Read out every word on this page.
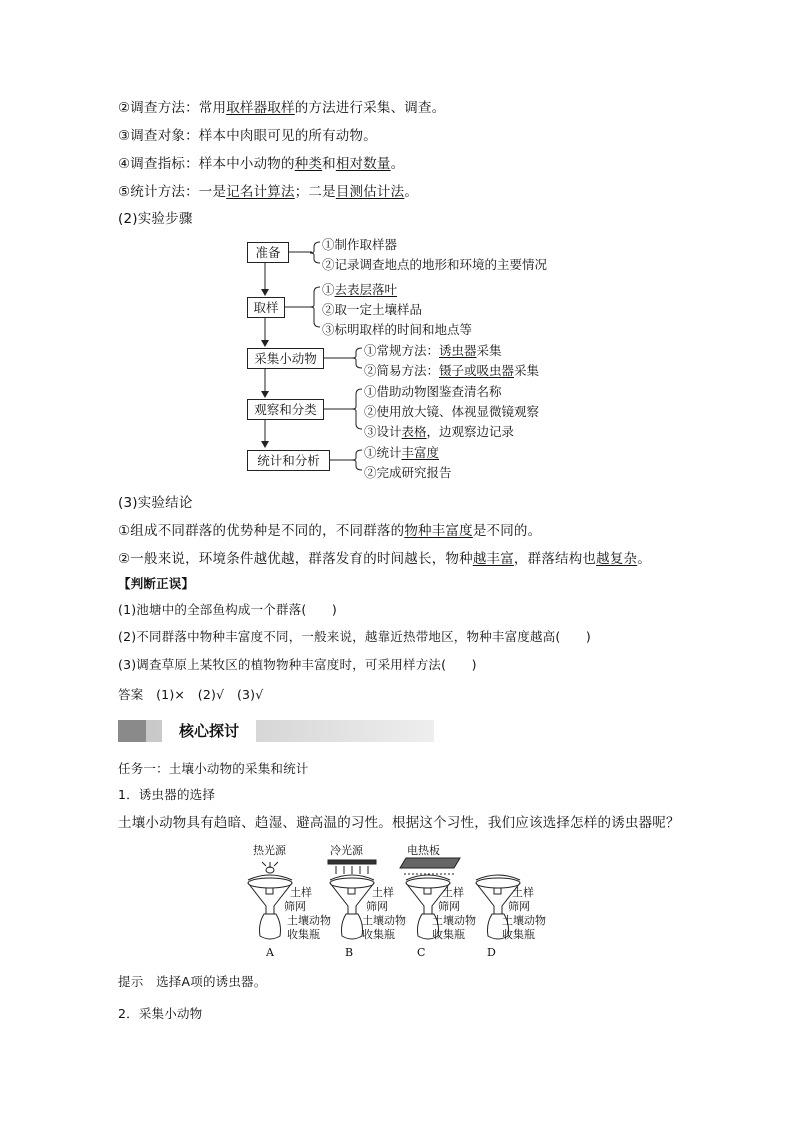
②调查方法：常用取样器取样的方法进行采集、调查。
③调查对象：样本中肉眼可见的所有动物。
④调查指标：样本中小动物的种类和相对数量。
⑤统计方法：一是记名计算法；二是目测估计法。
(2)实验步骤
准备
取样
采集小动物
观察和分类
统计和分析
①制作取样器
②记录调查地点的地形和环境的主要情况
①去表层落叶
②取一定土壤样品
③标明取样的时间和地点等
①常规方法：诱虫器采集
②简易方法：镊子或吸虫器采集
①借助动物图鉴查清名称
②使用放大镜、体视显微镜观察
③设计表格，边观察边记录
①统计丰富度
②完成研究报告
(3)实验结论
①组成不同群落的优势种是不同的，不同群落的物种丰富度是不同的。
②一般来说，环境条件越优越，群落发育的时间越长，物种越丰富，群落结构也越复杂。
【判断正误】
(1)池塘中的全部鱼构成一个群落(　　)
(2)不同群落中物种丰富度不同，一般来说，越靠近热带地区，物种丰富度越高(　　)
(3)调查草原上某牧区的植物物种丰富度时，可采用样方法(　　)
答案　(1)×　(2)√　(3)√
核心探讨
任务一：土壤小动物的采集和统计
1．诱虫器的选择
土壤小动物具有趋暗、趋湿、避高温的习性。根据这个习性，我们应该选择怎样的诱虫器呢？
热光源	冷光源	电热板
土样
筛网
土壤动物
收集瓶
土样
筛网
土壤动物
收集瓶
土样
筛网
土壤动物
收集瓶
土样
筛网
土壤动物
收集瓶
A	B	C	D
提示　选择A项的诱虫器。
2．采集小动物
